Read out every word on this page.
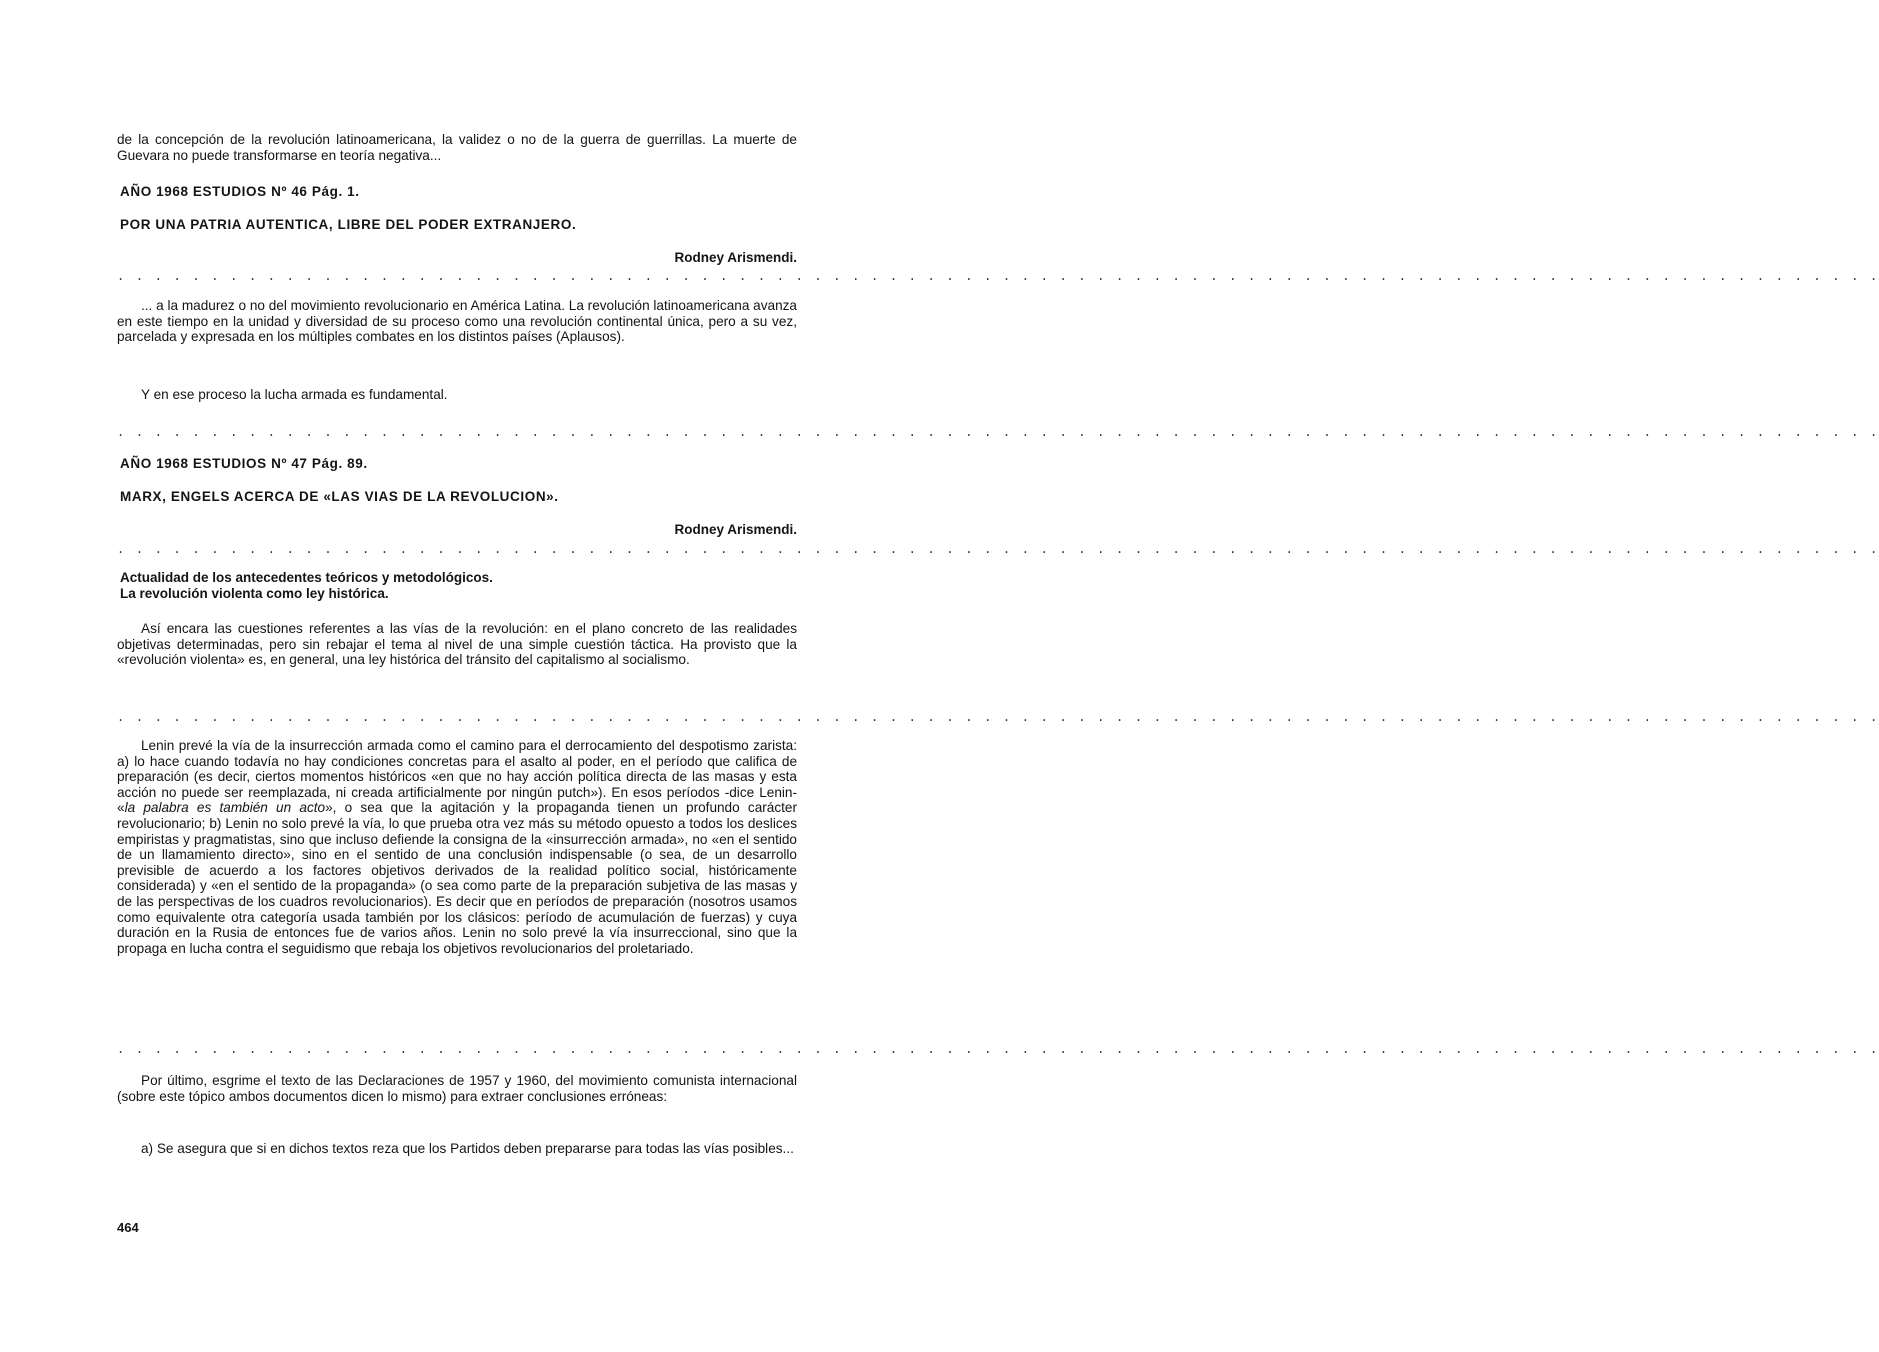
de la concepción de la revolución latinoamericana, la validez o no de la guerra de guerrillas. La muerte de Guevara no puede transformarse en teoría negativa...

AÑO 1968 ESTUDIOS Nº 46 Pág. 1.

POR UNA PATRIA AUTENTICA, LIBRE DEL PODER EXTRANJERO.

Rodney Arismendi.

. . . . . . . . . . . . . . . . . . . . . . . . . . . . . . . . . . . . . . . . . . . . . . . . . . . . . . . . . . . . . . . . . . . . . . . . . . . . . . . . . . . . . . . . . . . . . .

... a la madurez o no del movimiento revolucionario en América Latina. La revolución latinoamericana avanza en este tiempo en la unidad y diversidad de su proceso como una revolución continental única, pero a su vez, parcelada y expresada en los múltiples combates en los distintos países (Aplausos).

Y en ese proceso la lucha armada es fundamental.

. . . . . . . . . . . . . . . . . . . . . . . . . . . . . . . . . . . . . . . . . . . . . . . . . . . . . . . . . . . . . . . . . . . . . . . . . . . . . . . . . . . . . . . . . . . . . .

AÑO 1968 ESTUDIOS Nº 47 Pág. 89.

MARX, ENGELS ACERCA DE «LAS VIAS DE LA REVOLUCION».

Rodney Arismendi.

. . . . . . . . . . . . . . . . . . . . . . . . . . . . . . . . . . . . . . . . . . . . . . . . . . . . . . . . . . . . . . . . . . . . . . . . . . . . . . . . . . . . . . . . . . . . . .

Actualidad de los antecedentes teóricos y metodológicos.

La revolución violenta como ley histórica.

Así encara las cuestiones referentes a las vías de la revolución: en el plano concreto de las realidades objetivas determinadas, pero sin rebajar el tema al nivel de una simple cuestión táctica. Ha provisto que la «revolución violenta» es, en general, una ley histórica del tránsito del capitalismo al socialismo.

. . . . . . . . . . . . . . . . . . . . . . . . . . . . . . . . . . . . . . . . . . . . . . . . . . . . . . . . . . . . . . . . . . . . . . . . . . . . . . . . . . . . . . . . . . . . . .

Lenin prevé la vía de la insurrección armada como el camino para el derrocamiento del despotismo zarista: a) lo hace cuando todavía no hay condiciones concretas para el asalto al poder, en el período que califica de preparación (es decir, ciertos momentos históricos «en que no hay acción política directa de las masas y esta acción no puede ser reemplazada, ni creada artificialmente por ningún putch»). En esos períodos -dice Lenin- «la palabra es también un acto», o sea que la agitación y la propaganda tienen un profundo carácter revolucionario; b) Lenin no solo prevé la vía, lo que prueba otra vez más su método opuesto a todos los deslices empiristas y pragmatistas, sino que incluso defiende la consigna de la «insurrección armada», no «en el sentido de un llamamiento directo», sino en el sentido de una conclusión indispensable (o sea, de un desarrollo previsible de acuerdo a los factores objetivos derivados de la realidad político social, históricamente considerada) y «en el sentido de la propaganda» (o sea como parte de la preparación subjetiva de las masas y de las perspectivas de los cuadros revolucionarios). Es decir que en períodos de preparación (nosotros usamos como equivalente otra categoría usada también por los clásicos: período de acumulación de fuerzas) y cuya duración en la Rusia de entonces fue de varios años. Lenin no solo prevé la vía insurreccional, sino que la propaga en lucha contra el seguidismo que rebaja los objetivos revolucionarios del proletariado.

. . . . . . . . . . . . . . . . . . . . . . . . . . . . . . . . . . . . . . . . . . . . . . . . . . . . . . . . . . . . . . . . . . . . . . . . . . . . . . . . . . . . . . . . . . . . . .

Por último, esgrime el texto de las Declaraciones de 1957 y 1960, del movimiento comunista internacional (sobre este tópico ambos documentos dicen lo mismo) para extraer conclusiones erróneas:

a) Se asegura que si en dichos textos reza que los Partidos deben prepararse para todas las vías posibles...

464
